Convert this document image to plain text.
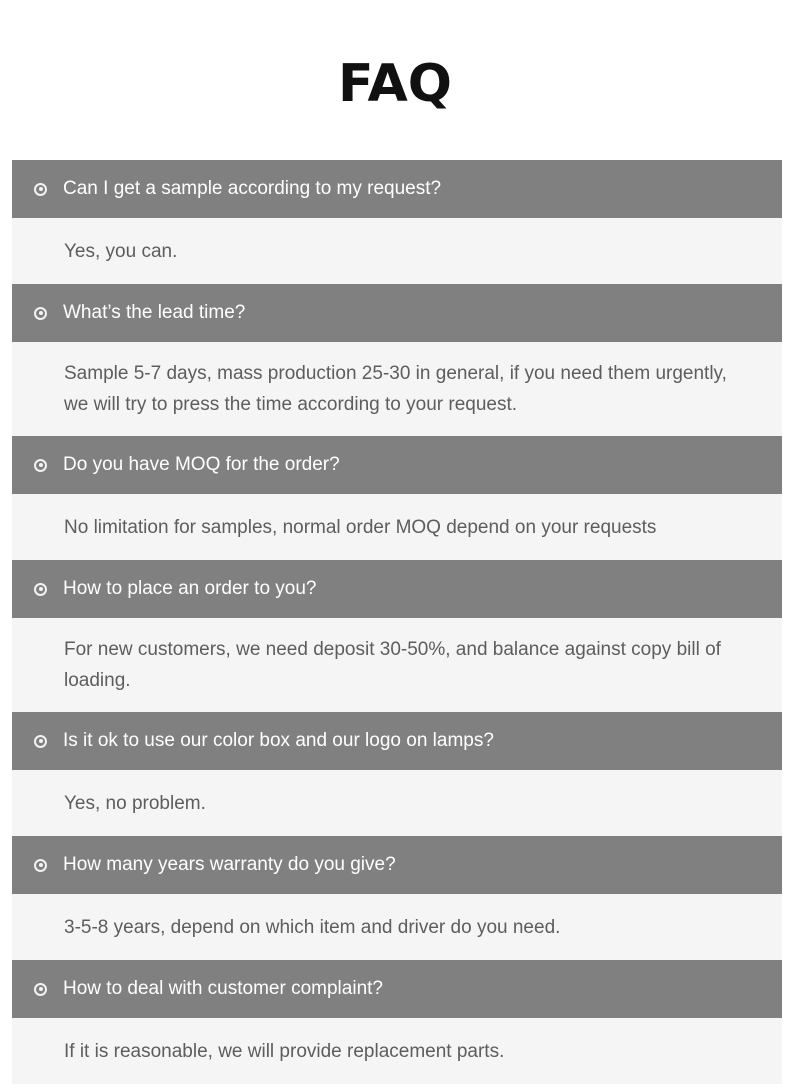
FAQ
Can I get a sample according to my request?
Yes, you can.
What’s the lead time?
Sample 5-7 days, mass production 25-30 in general, if you need them urgently, we will try to press the time according to your request.
Do you have MOQ for the order?
No limitation for samples, normal order MOQ depend on your requests
How to place an order to you?
For new customers, we need deposit 30-50%, and balance against copy bill of loading.
Is it ok to use our color box and our logo on lamps?
Yes, no problem.
How many years warranty do you give?
3-5-8 years, depend on which item and driver do you need.
How to deal with customer complaint?
If it is reasonable, we will provide replacement parts.
